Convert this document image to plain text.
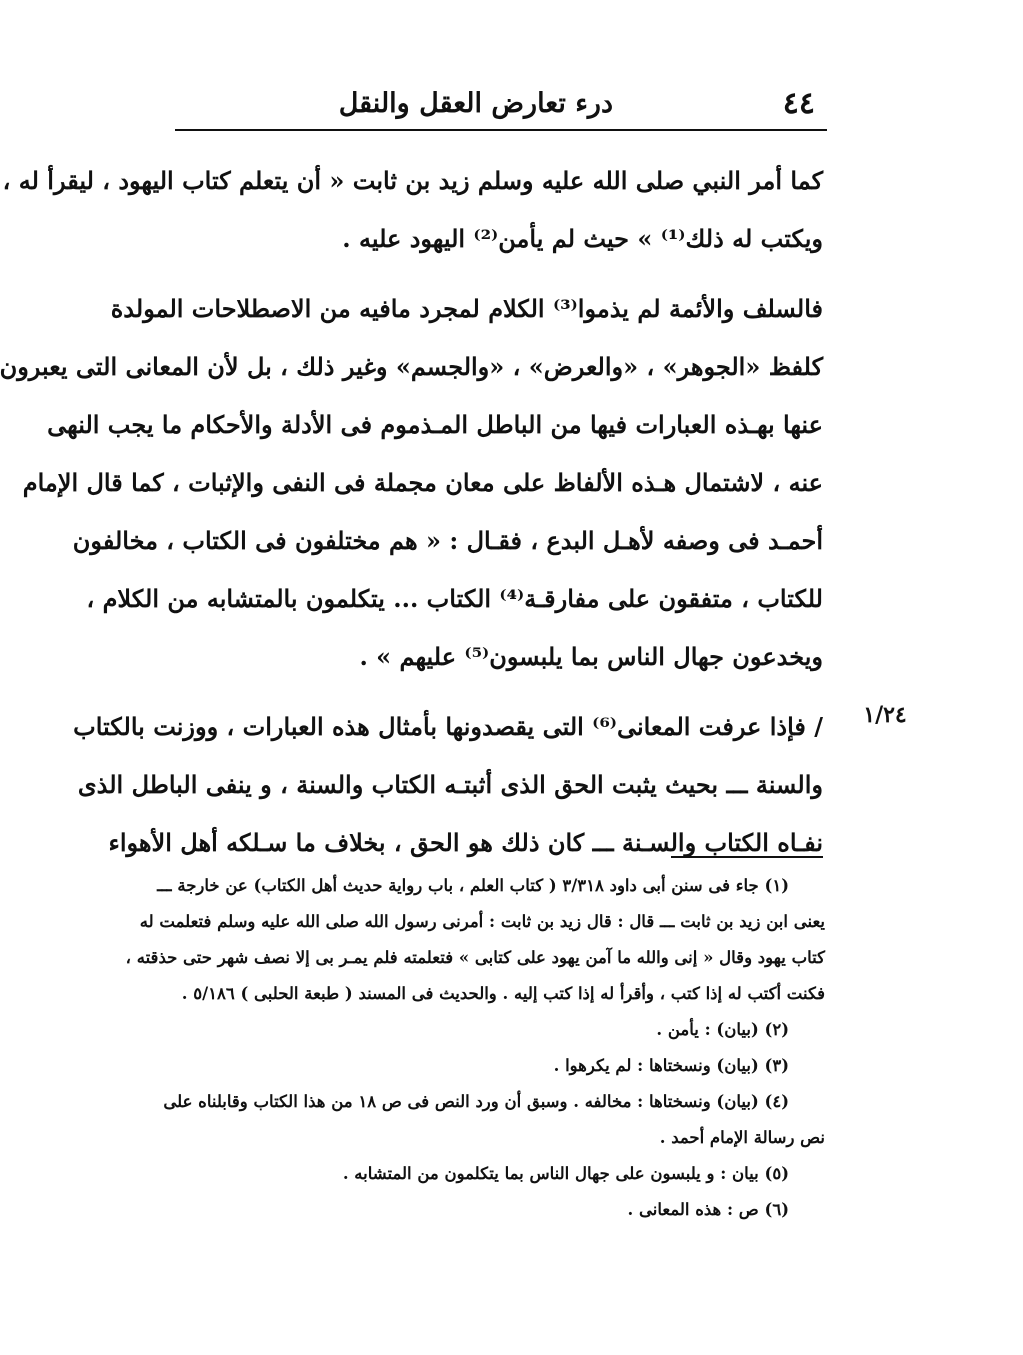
٤٤
درء تعارض العقل والنقل
كما أمر النبي صلى الله عليه وسلم زيد بن ثابت « أن يتعلم كتاب اليهود ، ليقرأ له ،
ويكتب له ذلك⁽¹⁾ » حيث لم يأمن⁽²⁾ اليهود عليه .
فالسلف والأئمة لم يذموا⁽³⁾ الكلام لمجرد مافيه من الاصطلاحات المولدة
كلفظ «الجوهر» ، «والعرض» ، «والجسم» وغير ذلك ، بل لأن المعانى التى يعبرون
عنها بهـذه العبارات فيها من الباطل المـذموم فى الأدلة والأحكام ما يجب النهى
عنه ، لاشتمال هـذه الألفاظ على معان مجملة فى النفى والإثبات ، كما قال الإمام
أحمـد فى وصفه لأهـل البدع ، فقـال : « هم مختلفون فى الكتاب ، مخالفون
للكتاب ، متفقون على مفارقـة⁽⁴⁾ الكتاب ... يتكلمون بالمتشابه من الكلام ،
ويخدعون جهال الناس بما يلبسون⁽⁵⁾ عليهم » .
/ فإذا عرفت المعانى⁽⁶⁾ التى يقصدونها بأمثال هذه العبارات ، ووزنت بالكتاب
والسنة ـــ بحيث يثبت الحق الذى أثبتـه الكتاب والسنة ، و ينفى الباطل الذى
نفـاه الكتاب والسـنة ـــ كان ذلك هو الحق ، بخلاف ما سـلكه أهل الأهواء
١/٢٤
(١) جاء فى سنن أبى داود ٣/٣١٨ ( كتاب العلم ، باب رواية حديث أهل الكتاب) عن خارجة ـــ
يعنى ابن زيد بن ثابت ـــ قال : قال زيد بن ثابت : أمرنى رسول الله صلى الله عليه وسلم فتعلمت له
كتاب يهود وقال « إنى والله ما آمن يهود على كتابى » فتعلمته فلم يمـر بى إلا نصف شهر حتى حذقته ،
فكنت أكتب له إذا كتب ، وأقرأ له إذا كتب إليه . والحديث فى المسند ( طبعة الحلبى ) ٥/١٨٦ .
(٢) (بيان) : يأمن .
(٣) (بيان) ونسختاها : لم يكرهوا .
(٤) (بيان) ونسختاها : مخالفه . وسبق أن ورد النص فى ص ١٨ من هذا الكتاب وقابلناه على
نص رسالة الإمام أحمد .
(٥) بيان : و يلبسون على جهال الناس بما يتكلمون من المتشابه .
(٦) ص : هذه المعانى .
